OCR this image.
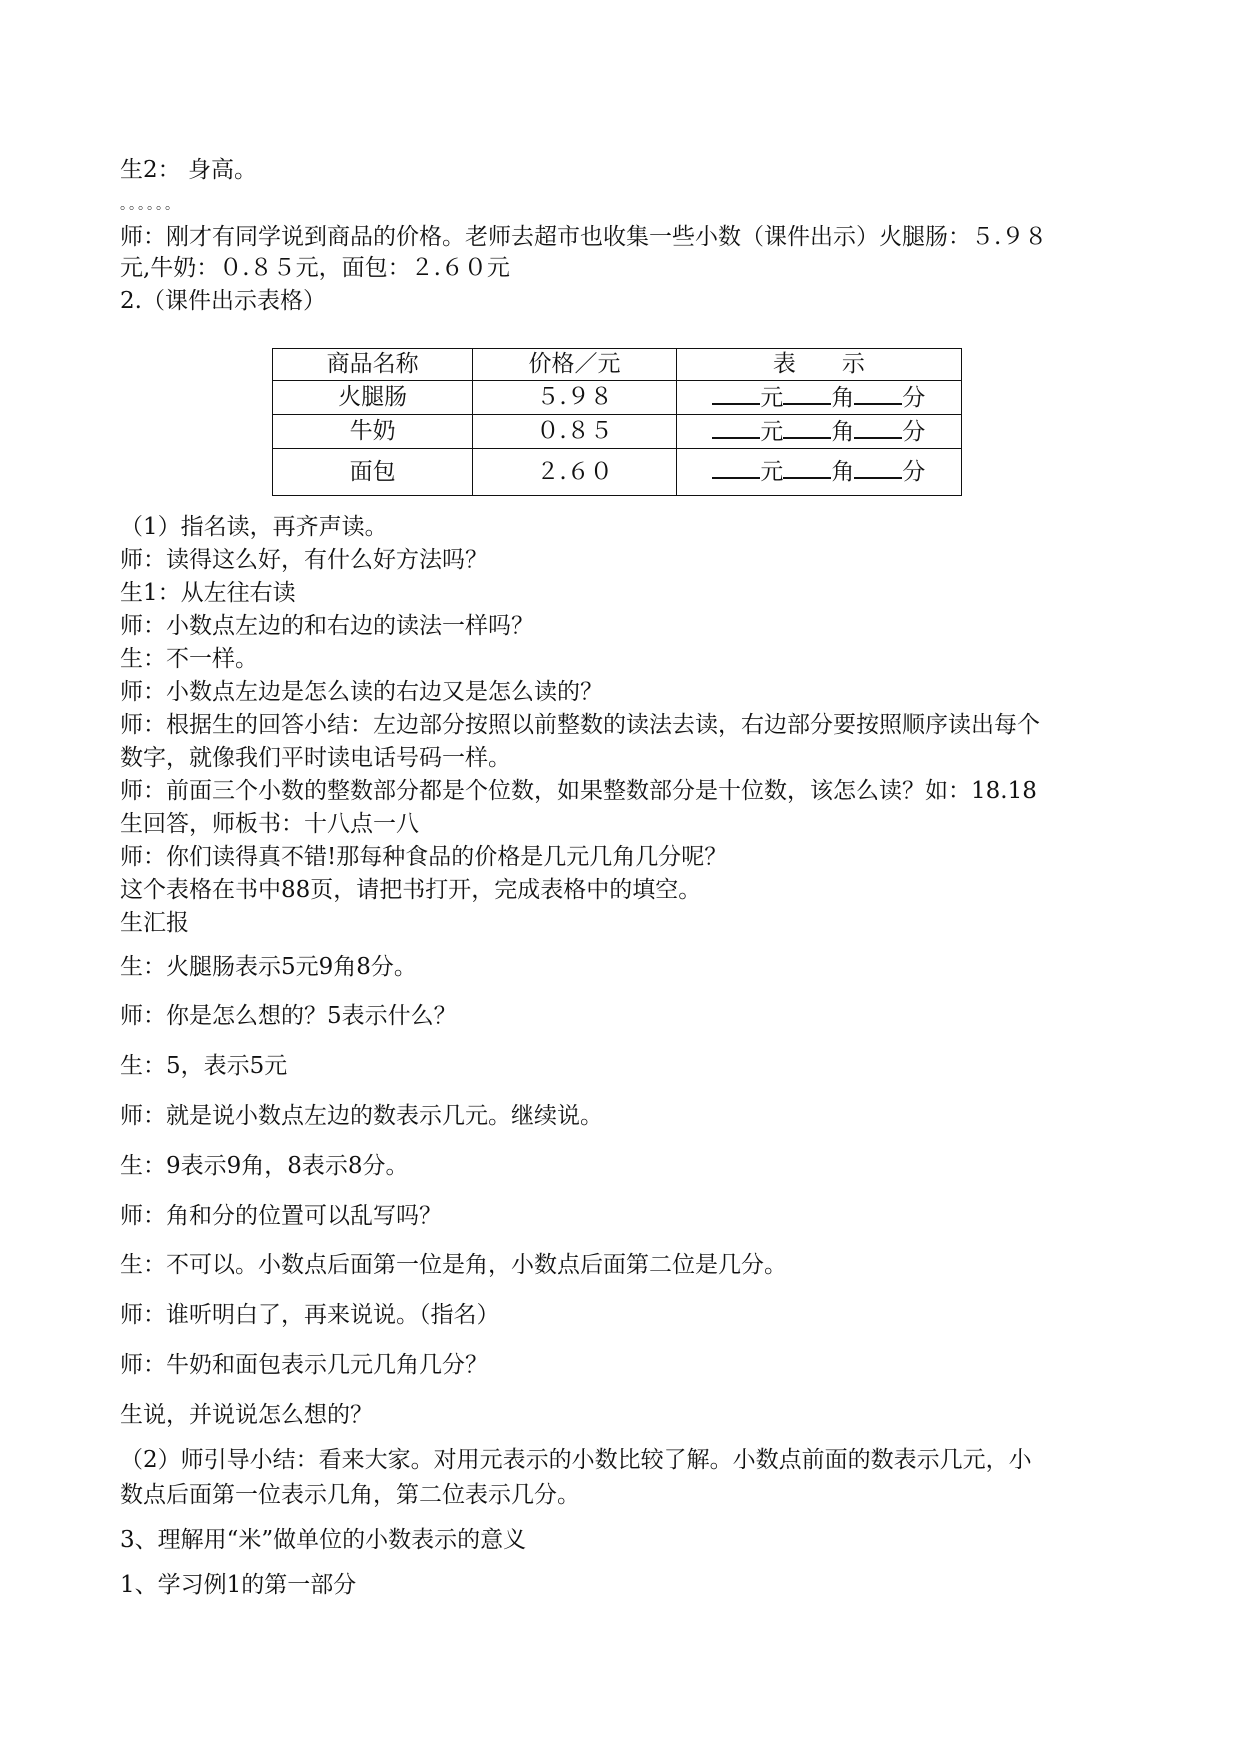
生2： 身高。
。。。。。。
师：刚才有同学说到商品的价格。老师去超市也收集一些小数（课件出示）火腿肠：５.９８
元,牛奶：０.８５元，面包：２.６０元
2.（课件出示表格）
商品名称	价格／元	表　　示
火腿肠	５.９８	元 角 分
牛奶	０.８５	元 角 分
面包	２.６０	元 角 分
（1）指名读，再齐声读。
师：读得这么好，有什么好方法吗？
生1：从左往右读
师：小数点左边的和右边的读法一样吗？
生：不一样。
师：小数点左边是怎么读的右边又是怎么读的？
师：根据生的回答小结：左边部分按照以前整数的读法去读，右边部分要按照顺序读出每个
数字，就像我们平时读电话号码一样。
师：前面三个小数的整数部分都是个位数，如果整数部分是十位数，该怎么读？如：18.18
生回答，师板书：十八点一八
师：你们读得真不错!那每种食品的价格是几元几角几分呢？
这个表格在书中88页，请把书打开，完成表格中的填空。
生汇报
生：火腿肠表示5元9角8分。
师：你是怎么想的？5表示什么？
生：5，表示5元
师：就是说小数点左边的数表示几元。继续说。
生：9表示9角，8表示8分。
师：角和分的位置可以乱写吗？
生：不可以。小数点后面第一位是角，小数点后面第二位是几分。
师：谁听明白了，再来说说。（指名）
师：牛奶和面包表示几元几角几分？
生说，并说说怎么想的？
（2）师引导小结：看来大家。对用元表示的小数比较了解。小数点前面的数表示几元，小
数点后面第一位表示几角，第二位表示几分。
3、理解用“米”做单位的小数表示的意义
1、学习例1的第一部分
